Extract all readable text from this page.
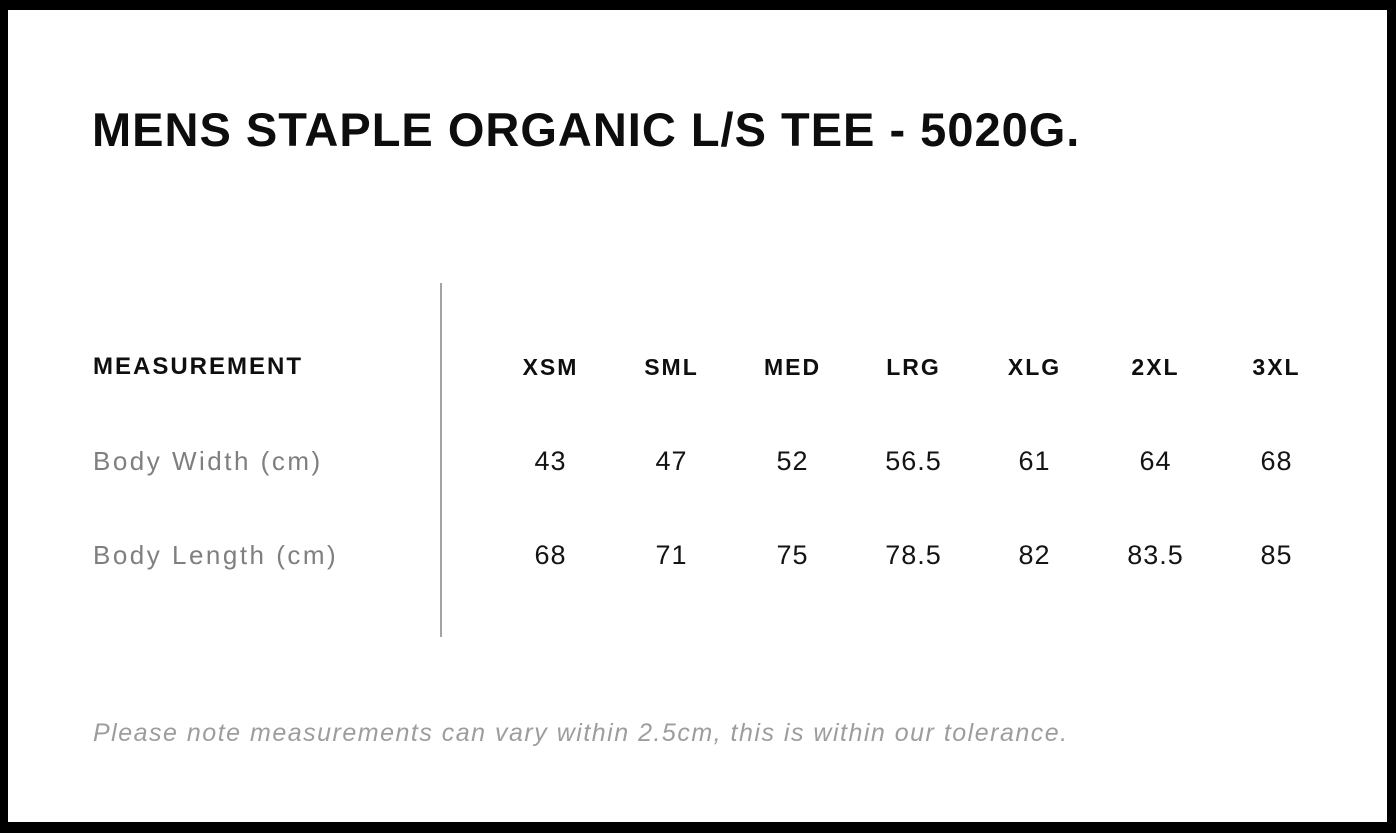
MENS STAPLE ORGANIC L/S TEE - 5020G.
MEASUREMENT	XSM	SML	MED	LRG	XLG	2XL	3XL
Body Width (cm)	43	47	52	56.5	61	64	68
Body Length (cm)	68	71	75	78.5	82	83.5	85

Please note measurements can vary within 2.5cm, this is within our tolerance.
